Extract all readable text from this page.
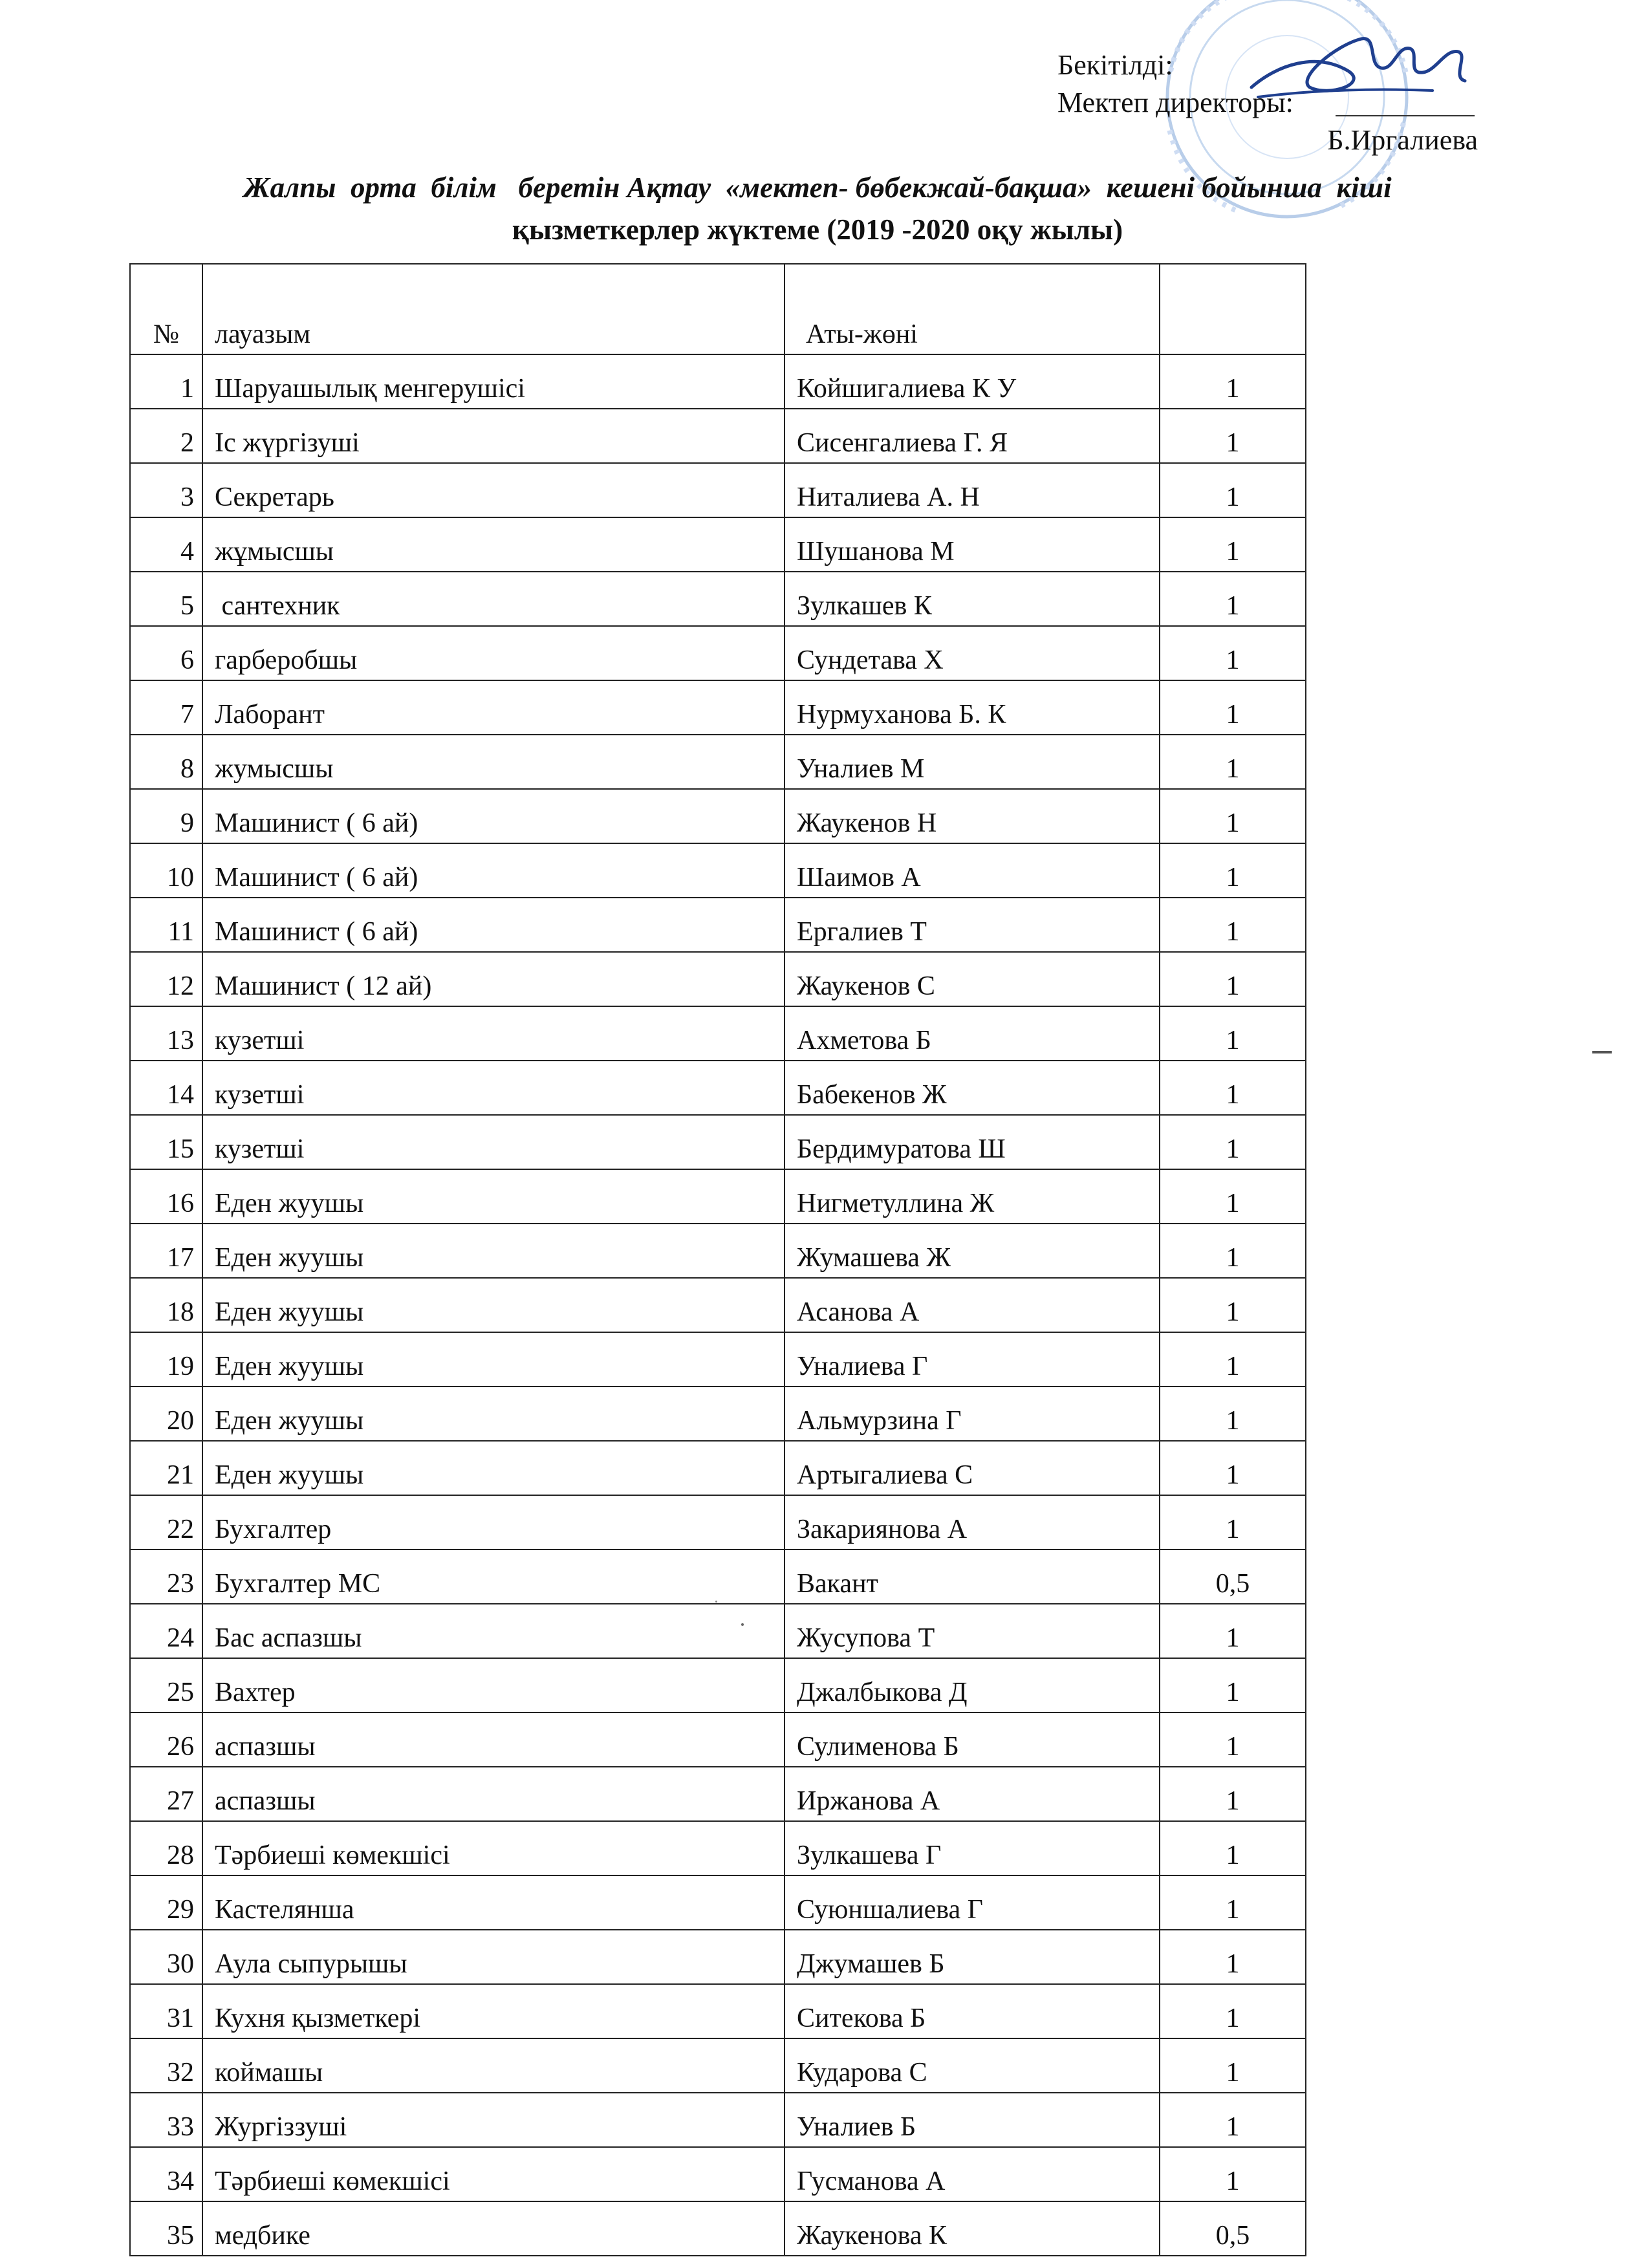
Бекітілді:
Мектеп директоры:
Б.Иргалиева
Жалпы  орта  білім   беретін Ақтау  «мектеп- бөбекжай-бақша»  кешені бойынша  кіші
қызметкерлер жүктеме (2019 -2020 оқу жылы)
№	лауазым	Аты-жөні	
1	Шаруашылық менгерушісі	Койшигалиева К У	1
2	Іс жүргізуші	Сисенгалиева Г. Я	1
3	Секретарь	Ниталиева А. Н	1
4	жұмысшы	Шушанова М	1
5	сантехник	Зулкашев К	1
6	гарберобшы	Сундетава Х	1
7	Лаборант	Нурмуханова Б. К	1
8	жумысшы	Уналиев М	1
9	Машинист ( 6 ай)	Жаукенов Н	1
10	Машинист ( 6 ай)	Шаимов А	1
11	Машинист ( 6 ай)	Ергалиев Т	1
12	Машинист ( 12 ай)	Жаукенов С	1
13	кузетші	Ахметова Б	1
14	кузетші	Бабекенов Ж	1
15	кузетші	Бердимуратова Ш	1
16	Еден жуушы	Нигметуллина Ж	1
17	Еден жуушы	Жумашева Ж	1
18	Еден жуушы	Асанова А	1
19	Еден жуушы	Уналиева Г	1
20	Еден жуушы	Альмурзина Г	1
21	Еден жуушы	Артыгалиева С	1
22	Бухгалтер	Закариянова А	1
23	Бухгалтер МС	Вакант	0,5
24	Бас аспазшы	Жусупова Т	1
25	Вахтер	Джалбыкова Д	1
26	аспазшы	Сулименова Б	1
27	аспазшы	Иржанова А	1
28	Тәрбиеші көмекшісі	Зулкашева Г	1
29	Кастелянша	Суюншалиева Г	1
30	Аула сыпурышы	Джумашев Б	1
31	Кухня қызметкері	Ситекова Б	1
32	коймашы	Кударова С	1
33	Жургіззуші	Уналиев Б	1
34	Тәрбиеші көмекшісі	Гусманова А	1
35	медбике	Жаукенова К	0,5
